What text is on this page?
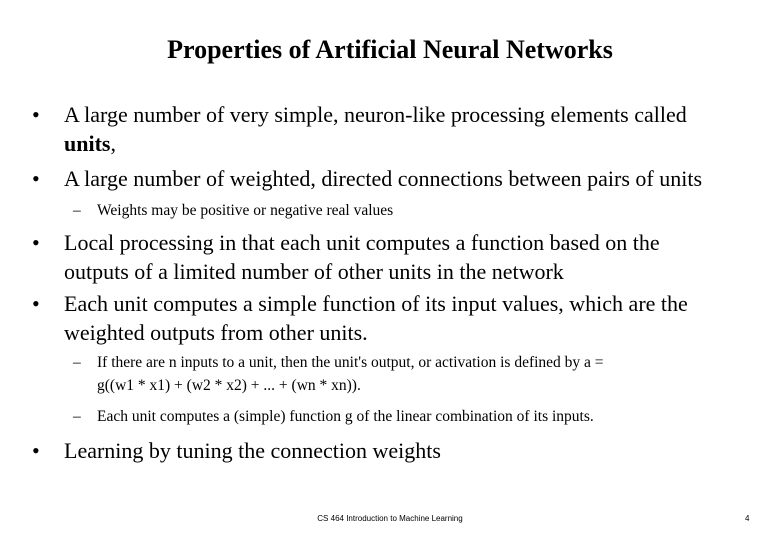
Properties of Artificial Neural Networks
•	A large number of very simple, neuron-like processing elements called
units,
•	A large number of weighted, directed connections between pairs of units
–	Weights may be positive or negative real values
•	Local processing in that each unit computes a function based on the
outputs of a limited number of other units in the network
•	Each unit computes a simple function of its input values, which are the
weighted outputs from other units.
–	If there are n inputs to a unit, then the unit's output, or activation is defined by a =
g((w1 * x1) + (w2 * x2) + ... + (wn * xn)).
–	Each unit computes a (simple) function g of the linear combination of its inputs.
•	Learning by tuning the connection weights
CS 464 Introduction to Machine Learning	4
